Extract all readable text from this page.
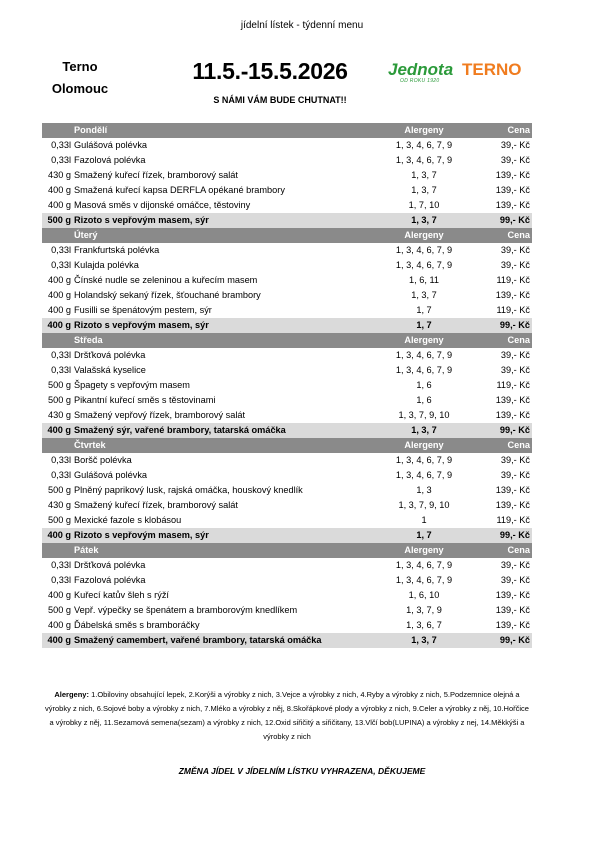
jídelní lístek - týdenní menu
Terno
Olomouc
11.5.-15.5.2026	Jednota
OD ROKU 1920
TERNO
S NÁMI VÁM BUDE CHUTNAT!!
Pondělí	Alergeny	Cena
0,33l Gulášová polévka	1, 3, 4, 6, 7, 9	39,- Kč
0,33l Fazolová polévka	1, 3, 4, 6, 7, 9	39,- Kč
430 g Smažený kuřecí řízek, bramborový salát	1, 3, 7	139,- Kč
400 g Smažená kuřecí kapsa DERFLA opékané brambory	1, 3, 7	139,- Kč
400 g Masová směs v dijonské omáčce, těstoviny	1, 7, 10	139,- Kč
500 g Rizoto s vepřovým masem, sýr	1, 3, 7	99,- Kč
Úterý	Alergeny	Cena
0,33l Frankfurtská polévka	1, 3, 4, 6, 7, 9	39,- Kč
0,33l Kulajda polévka	1, 3, 4, 6, 7, 9	39,- Kč
400 g Čínské nudle se zeleninou a kuřecím masem	1, 6, 11	119,- Kč
400 g Holandský sekaný řízek, šťouchané brambory	1, 3, 7	139,- Kč
400 g Fusilli se špenátovým pestem, sýr	1, 7	119,- Kč
400 g Rizoto s vepřovým masem, sýr	1, 7	99,- Kč
Středa	Alergeny	Cena
0,33l Dršťková polévka	1, 3, 4, 6, 7, 9	39,- Kč
0,33l Valašská kyselice	1, 3, 4, 6, 7, 9	39,- Kč
500 g Špagety s vepřovým masem	1, 6	119,- Kč
500 g Pikantní kuřecí směs s těstovinami	1, 6	139,- Kč
430 g Smažený vepřový řízek, bramborový salát	1, 3, 7, 9, 10	139,- Kč
400 g Smažený sýr, vařené brambory, tatarská omáčka	1, 3, 7	99,- Kč
Čtvrtek	Alergeny	Cena
0,33l Boršč polévka	1, 3, 4, 6, 7, 9	39,- Kč
0,33l Gulášová polévka	1, 3, 4, 6, 7, 9	39,- Kč
500 g Plněný paprikový lusk, rajská omáčka, houskový knedlík	1, 3	139,- Kč
430 g Smažený kuřecí řízek, bramborový salát	1, 3, 7, 9, 10	139,- Kč
500 g Mexické fazole s klobásou	1	119,- Kč
400 g Rizoto s vepřovým masem, sýr	1, 7	99,- Kč
Pátek	Alergeny	Cena
0,33l Dršťková polévka	1, 3, 4, 6, 7, 9	39,- Kč
0,33l Fazolová polévka	1, 3, 4, 6, 7, 9	39,- Kč
400 g Kuřecí katův šleh s rýží	1, 6, 10	139,- Kč
500 g Vepř. výpečky se špenátem a bramborovým knedlíkem	1, 3, 7, 9	139,- Kč
400 g Ďábelská směs s bramboráčky	1, 3, 6, 7	139,- Kč
400 g Smažený camembert, vařené brambory, tatarská omáčka	1, 3, 7	99,- Kč
Alergeny: 1.Obiloviny obsahující lepek, 2.Korýši a výrobky z nich, 3.Vejce a výrobky z nich, 4.Ryby a výrobky z nich, 5.Podzemnice olejná a výrobky z nich, 6.Sojové boby a výrobky z nich, 7.Mléko a výrobky z něj, 8.Skořápkové plody a výrobky z nich, 9.Celer a výrobky z něj, 10.Hořčice a výrobky z něj, 11.Sezamová semena(sezam) a výrobky z nich, 12.Oxid siřičitý a siřičitany, 13.Vlčí bob(LUPINA) a výrobky z nej, 14.Měkkýši a výrobky z nich
ZMĚNA JÍDEL V JÍDELNÍM LÍSTKU VYHRAZENA, DĚKUJEME
